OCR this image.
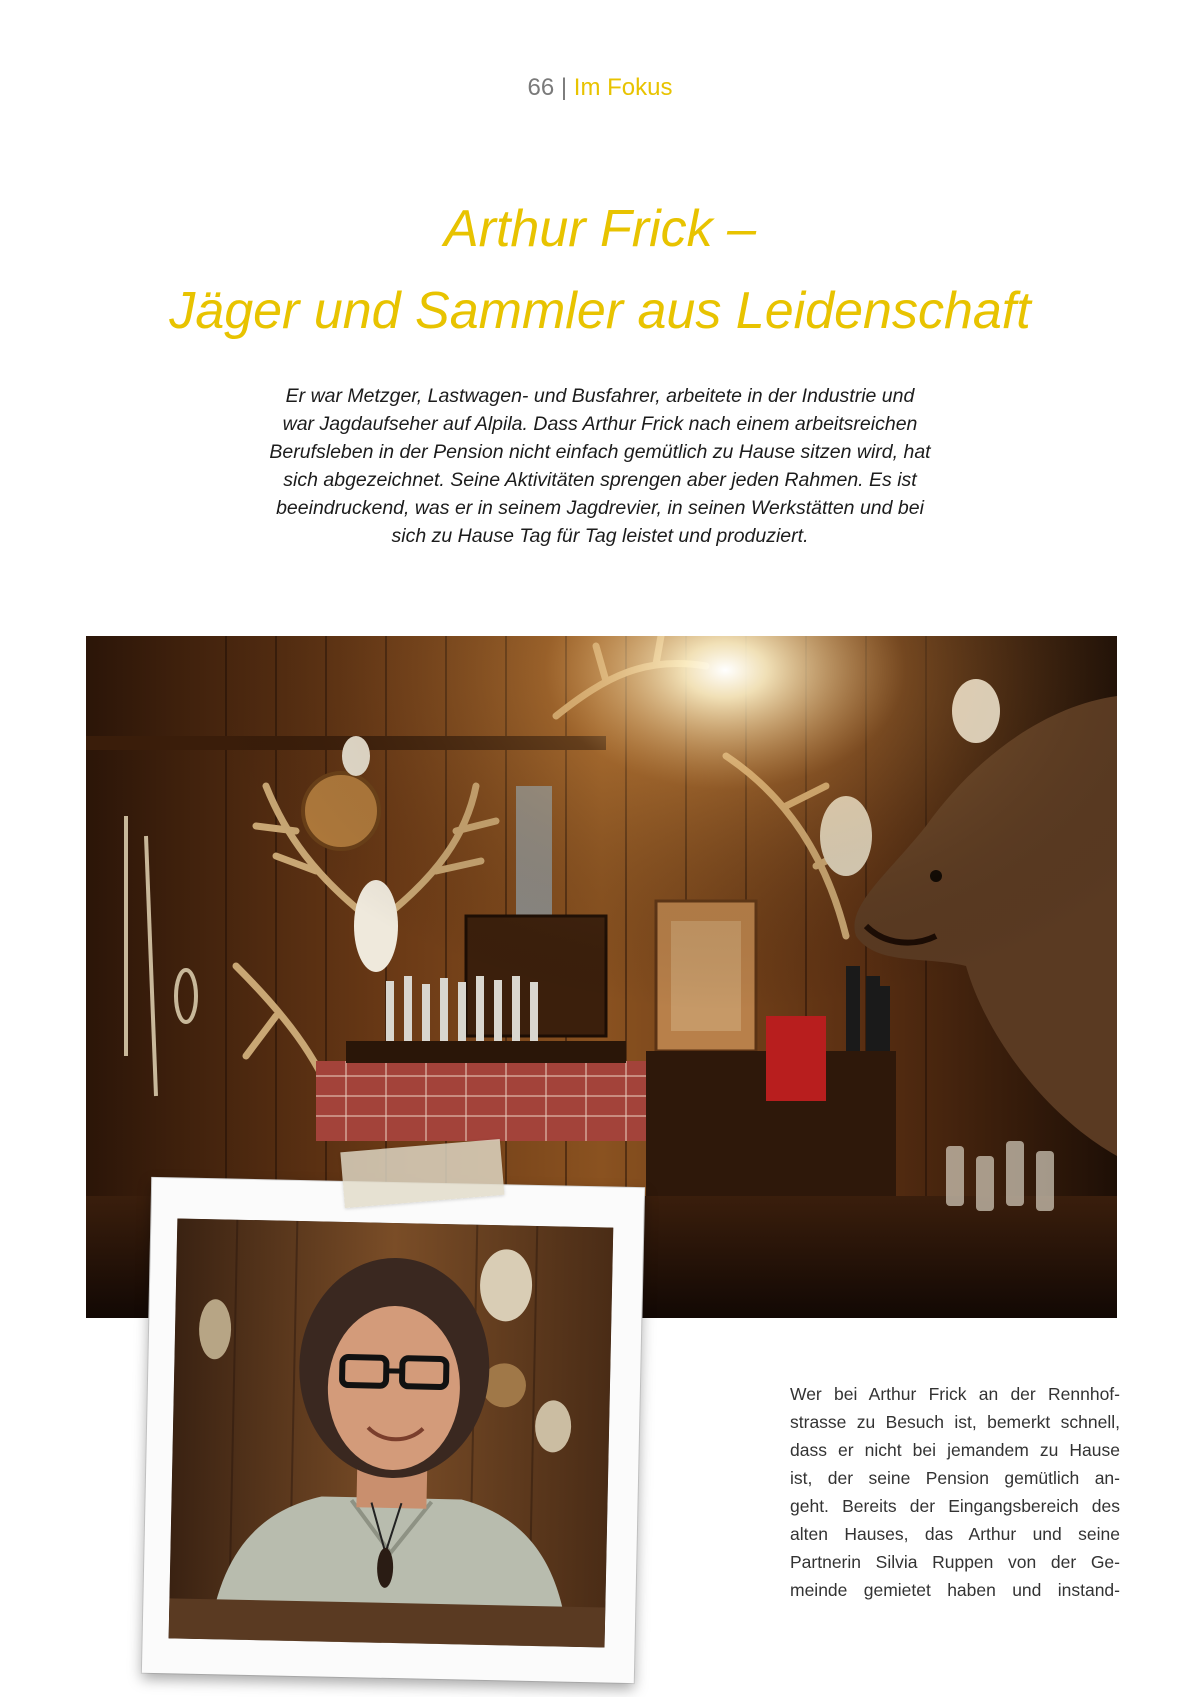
66 | Im Fokus
Arthur Frick –
Jäger und Sammler aus Leidenschaft
Er war Metzger, Lastwagen- und Busfahrer, arbeitete in der Industrie und
war Jagdaufseher auf Alpila. Dass Arthur Frick nach einem arbeitsreichen
Berufsleben in der Pension nicht einfach gemütlich zu Hause sitzen wird, hat
sich abgezeichnet. Seine Aktivitäten sprengen aber jeden Rahmen. Es ist
beeindruckend, was er in seinem Jagdrevier, in seinen Werkstätten und bei
sich zu Hause Tag für Tag leistet und produziert.
Wer bei Arthur Frick an der Rennhof-
strasse zu Besuch ist, bemerkt schnell,
dass er nicht bei jemandem zu Hause
ist, der seine Pension gemütlich an-
geht. Bereits der Eingangsbereich des
alten Hauses, das Arthur und seine
Partnerin Silvia Ruppen von der Ge-
meinde gemietet haben und instand-
